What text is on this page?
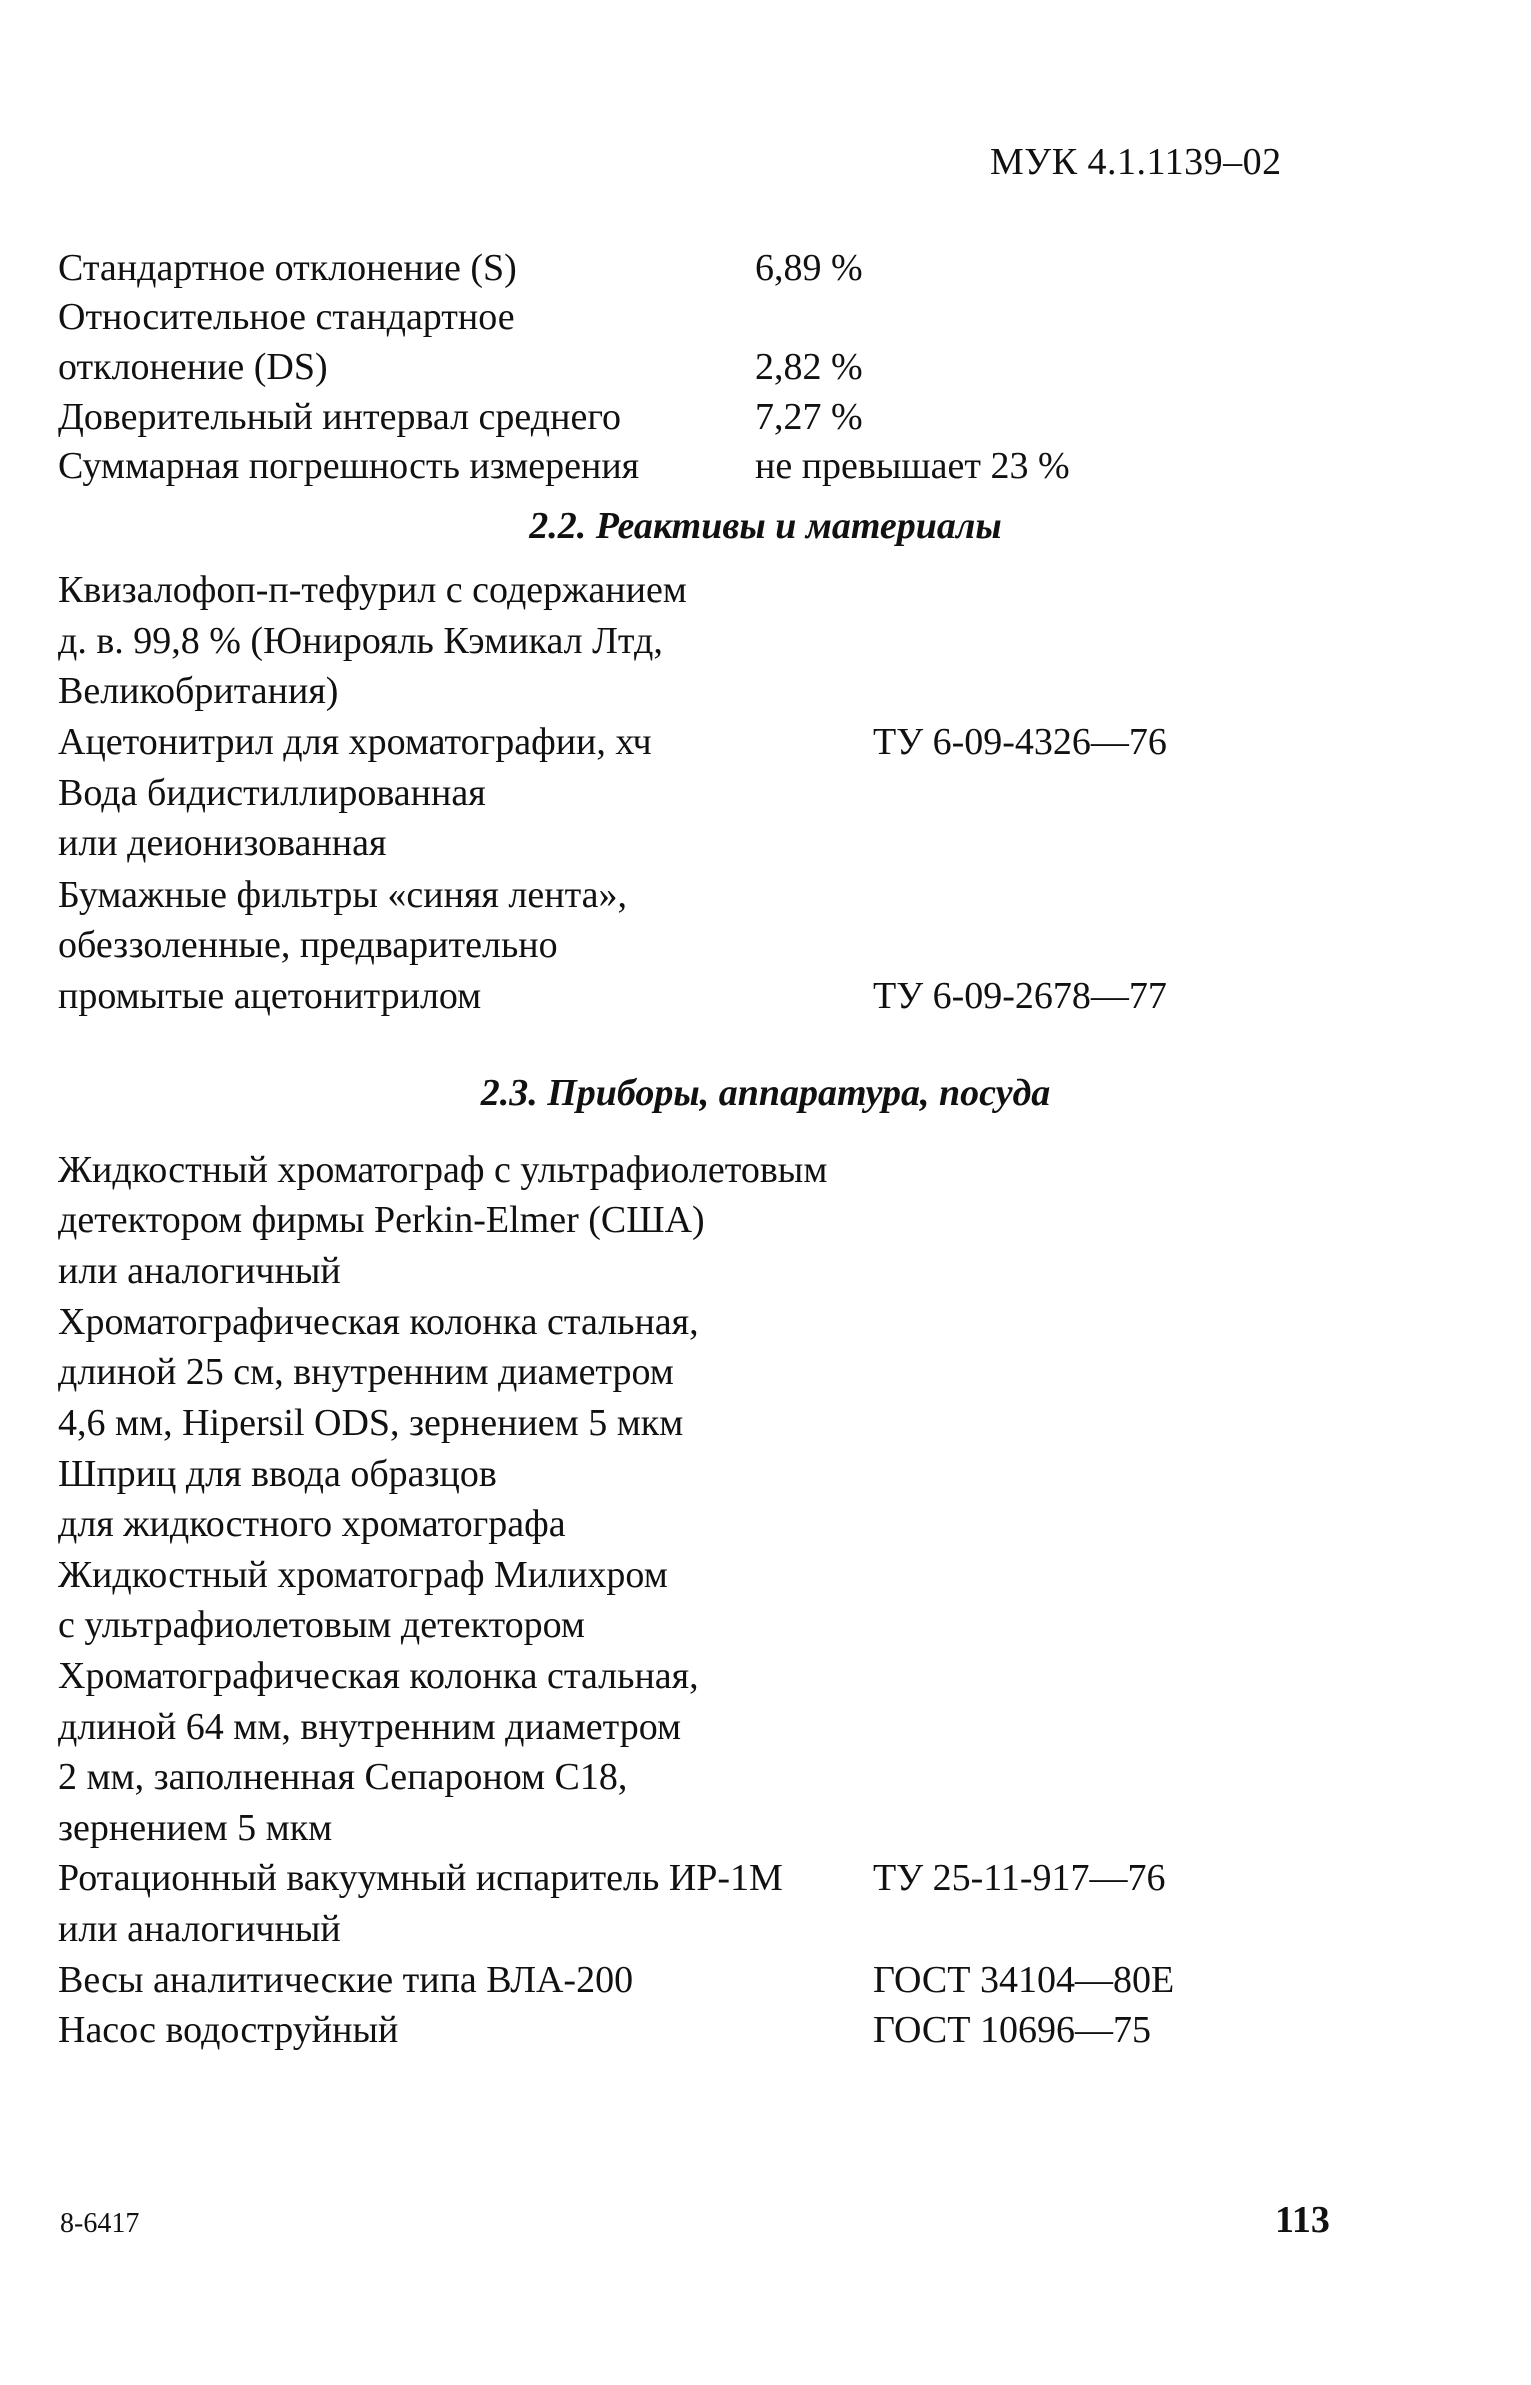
МУК 4.1.1139–02
Стандартное отклонение (S)	6,89 %
Относительное стандартное
отклонение (DS)	2,82 %
Доверительный интервал среднего	7,27 %
Суммарная погрешность измерения	не превышает 23 %
2.2. Реактивы и материалы
Квизалофоп-п-тефурил с содержанием
д. в. 99,8 % (Юнирояль Кэмикал Лтд,
Великобритания)
Ацетонитрил для хроматографии, хч	ТУ 6-09-4326—76
Вода бидистиллированная
или деионизованная
Бумажные фильтры «синяя лента»,
обеззоленные, предварительно
промытые ацетонитрилом	ТУ 6-09-2678—77
2.3. Приборы, аппаратура, посуда
Жидкостный хроматограф с ультрафиолетовым
детектором фирмы Perkin-Elmer (США)
или аналогичный
Хроматографическая колонка стальная,
длиной 25 см, внутренним диаметром
4,6 мм, Hipersil ODS, зернением 5 мкм
Шприц для ввода образцов
для жидкостного хроматографа
Жидкостный хроматограф Милихром
с ультрафиолетовым детектором
Хроматографическая колонка стальная,
длиной 64 мм, внутренним диаметром
2 мм, заполненная Сепароном С18,
зернением 5 мкм
Ротационный вакуумный испаритель ИР-1М ТУ 25-11-917—76
или аналогичный
Весы аналитические типа ВЛА-200	ГОСТ 34104—80Е
Насос водоструйный	ГОСТ 10696—75
8-6417	113
